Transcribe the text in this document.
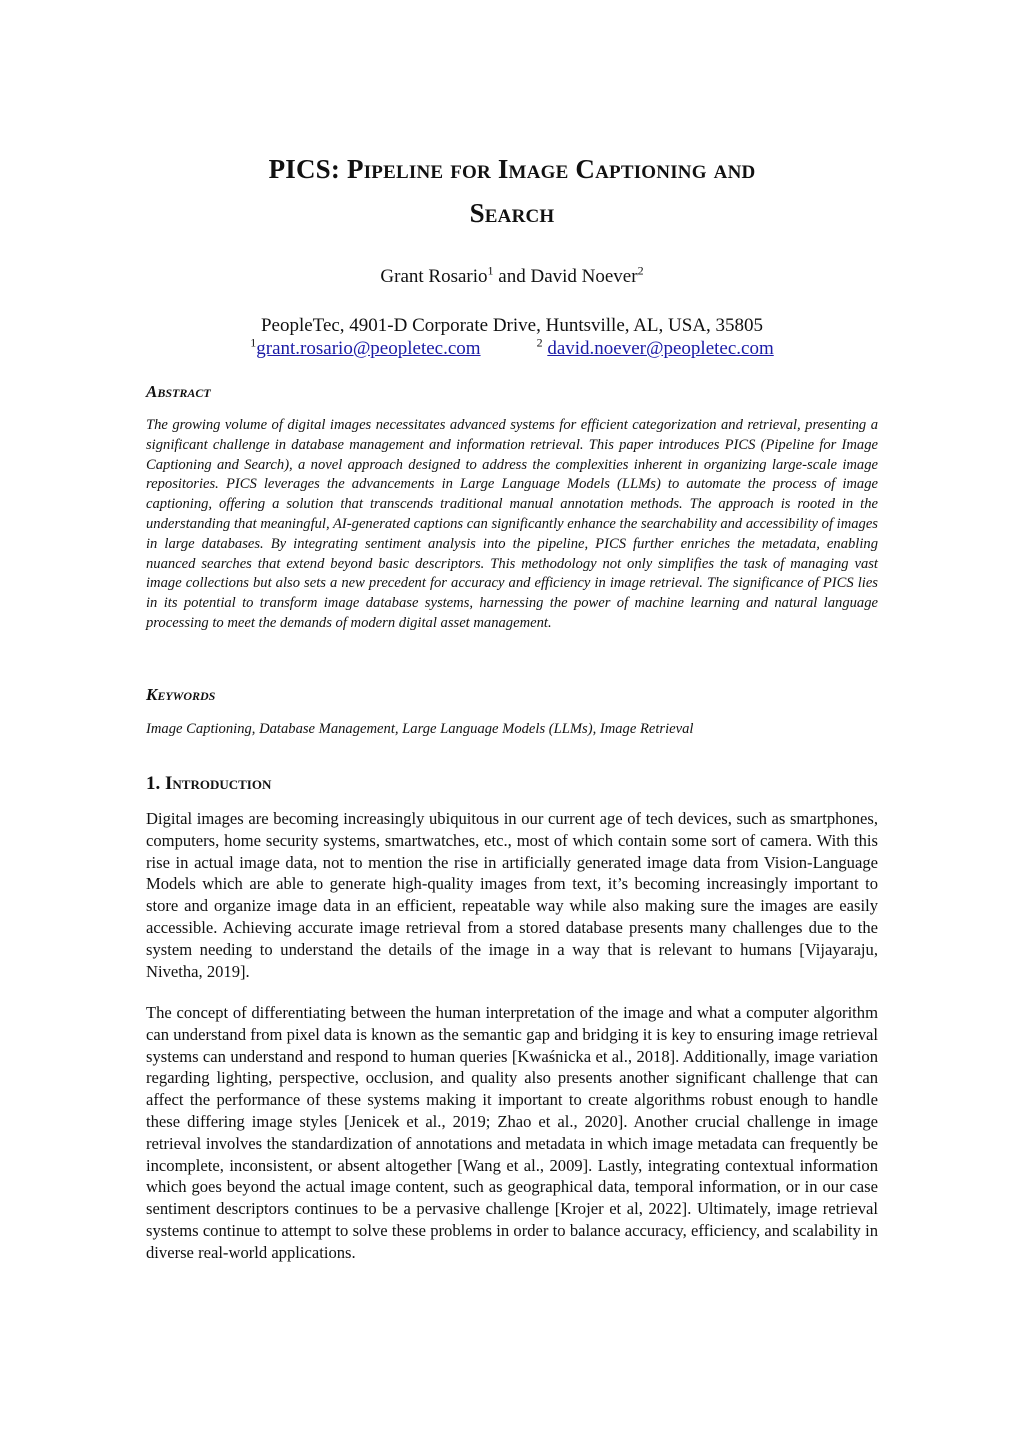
PICS: Pipeline for Image Captioning and
Search
Grant Rosario$^1$ and David Noever$^2$
PeopleTec, 4901-D Corporate Drive, Huntsville, AL, USA, 35805
$^1$grant.rosario@peopletec.com	$^2$ david.noever@peopletec.com
Abstract

The growing volume of digital images necessitates advanced systems for efficient categorization and retrieval, presenting a significant challenge in database management and information retrieval. This paper introduces PICS (Pipeline for Image Captioning and Search), a novel approach designed to address the complexities inherent in organizing large-scale image repositories. PICS leverages the advancements in Large Language Models (LLMs) to automate the process of image captioning, offering a solution that transcends traditional manual annotation methods. The approach is rooted in the understanding that meaningful, AI-generated captions can significantly enhance the searchability and accessibility of images in large databases. By integrating sentiment analysis into the pipeline, PICS further enriches the metadata, enabling nuanced searches that extend beyond basic descriptors. This methodology not only simplifies the task of managing vast image collections but also sets a new precedent for accuracy and efficiency in image retrieval. The significance of PICS lies in its potential to transform image database systems, harnessing the power of machine learning and natural language processing to meet the demands of modern digital asset management.

Keywords

Image Captioning, Database Management, Large Language Models (LLMs), Image Retrieval

1. Introduction

Digital images are becoming increasingly ubiquitous in our current age of tech devices, such as smartphones, computers, home security systems, smartwatches, etc., most of which contain some sort of camera. With this rise in actual image data, not to mention the rise in artificially generated image data from Vision-Language Models which are able to generate high-quality images from text, it’s becoming increasingly important to store and organize image data in an efficient, repeatable way while also making sure the images are easily accessible. Achieving accurate image retrieval from a stored database presents many challenges due to the system needing to understand the details of the image in a way that is relevant to humans [Vijayaraju, Nivetha, 2019].

The concept of differentiating between the human interpretation of the image and what a computer algorithm can understand from pixel data is known as the semantic gap and bridging it is key to ensuring image retrieval systems can understand and respond to human queries [Kwaśnicka et al., 2018]. Additionally, image variation regarding lighting, perspective, occlusion, and quality also presents another significant challenge that can affect the performance of these systems making it important to create algorithms robust enough to handle these differing image styles [Jenicek et al., 2019; Zhao et al., 2020]. Another crucial challenge in image retrieval involves the standardization of annotations and metadata in which image metadata can frequently be incomplete, inconsistent, or absent altogether [Wang et al., 2009]. Lastly, integrating contextual information which goes beyond the actual image content, such as geographical data, temporal information, or in our case sentiment descriptors continues to be a pervasive challenge [Krojer et al, 2022]. Ultimately, image retrieval systems continue to attempt to solve these problems in order to balance accuracy, efficiency, and scalability in diverse real-world applications.
